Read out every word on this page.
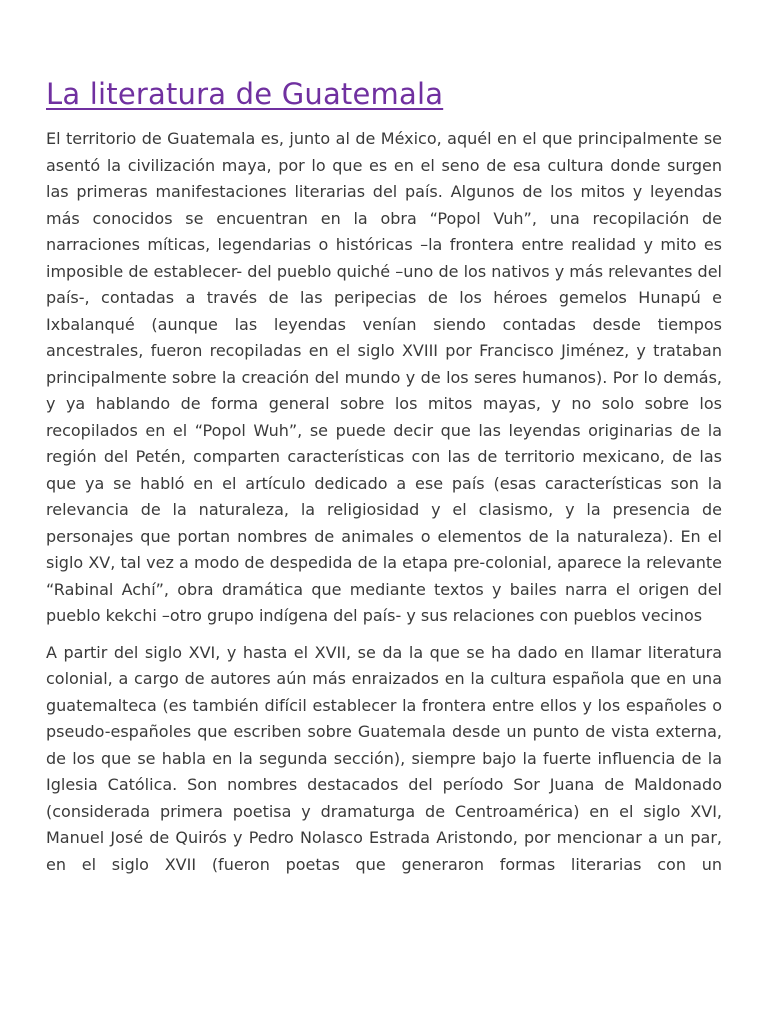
La literatura de Guatemala

El territorio de Guatemala es, junto al de México, aquél en el que principalmente se asentó la civilización maya, por lo que es en el seno de esa cultura donde surgen las primeras manifestaciones literarias del país. Algunos de los mitos y leyendas más conocidos se encuentran en la obra “Popol Vuh”, una recopilación de narraciones míticas, legendarias o históricas –la frontera entre realidad y mito es imposible de establecer- del pueblo quiché –uno de los nativos y más relevantes del país-, contadas a través de las peripecias de los héroes gemelos Hunapú e Ixbalanqué (aunque las leyendas venían siendo contadas desde tiempos ancestrales, fueron recopiladas en el siglo XVIII por Francisco Jiménez, y trataban principalmente sobre la creación del mundo y de los seres humanos). Por lo demás, y ya hablando de forma general sobre los mitos mayas, y no solo sobre los recopilados en el “Popol Wuh”, se puede decir que las leyendas originarias de la región del Petén, comparten características con las de territorio mexicano, de las que ya se habló en el artículo dedicado a ese país (esas características son la relevancia de la naturaleza, la religiosidad y el clasismo, y la presencia de personajes que portan nombres de animales o elementos de la naturaleza). En el siglo XV, tal vez a modo de despedida de la etapa pre-colonial, aparece la relevante “Rabinal Achí”, obra dramática que mediante textos y bailes narra el origen del pueblo kekchi –otro grupo indígena del país- y sus relaciones con pueblos vecinos

A partir del siglo XVI, y hasta el XVII, se da la que se ha dado en llamar literatura colonial, a cargo de autores aún más enraizados en la cultura española que en una guatemalteca (es también difícil establecer la frontera entre ellos y los españoles o pseudo-españoles que escriben sobre Guatemala desde un punto de vista externa, de los que se habla en la segunda sección), siempre bajo la fuerte influencia de la Iglesia Católica. Son nombres destacados del período Sor Juana de Maldonado (considerada primera poetisa y dramaturga de Centroamérica) en el siglo XVI, Manuel José de Quirós y Pedro Nolasco Estrada Aristondo, por mencionar a un par, en el siglo XVII (fueron poetas que generaron formas literarias con un
